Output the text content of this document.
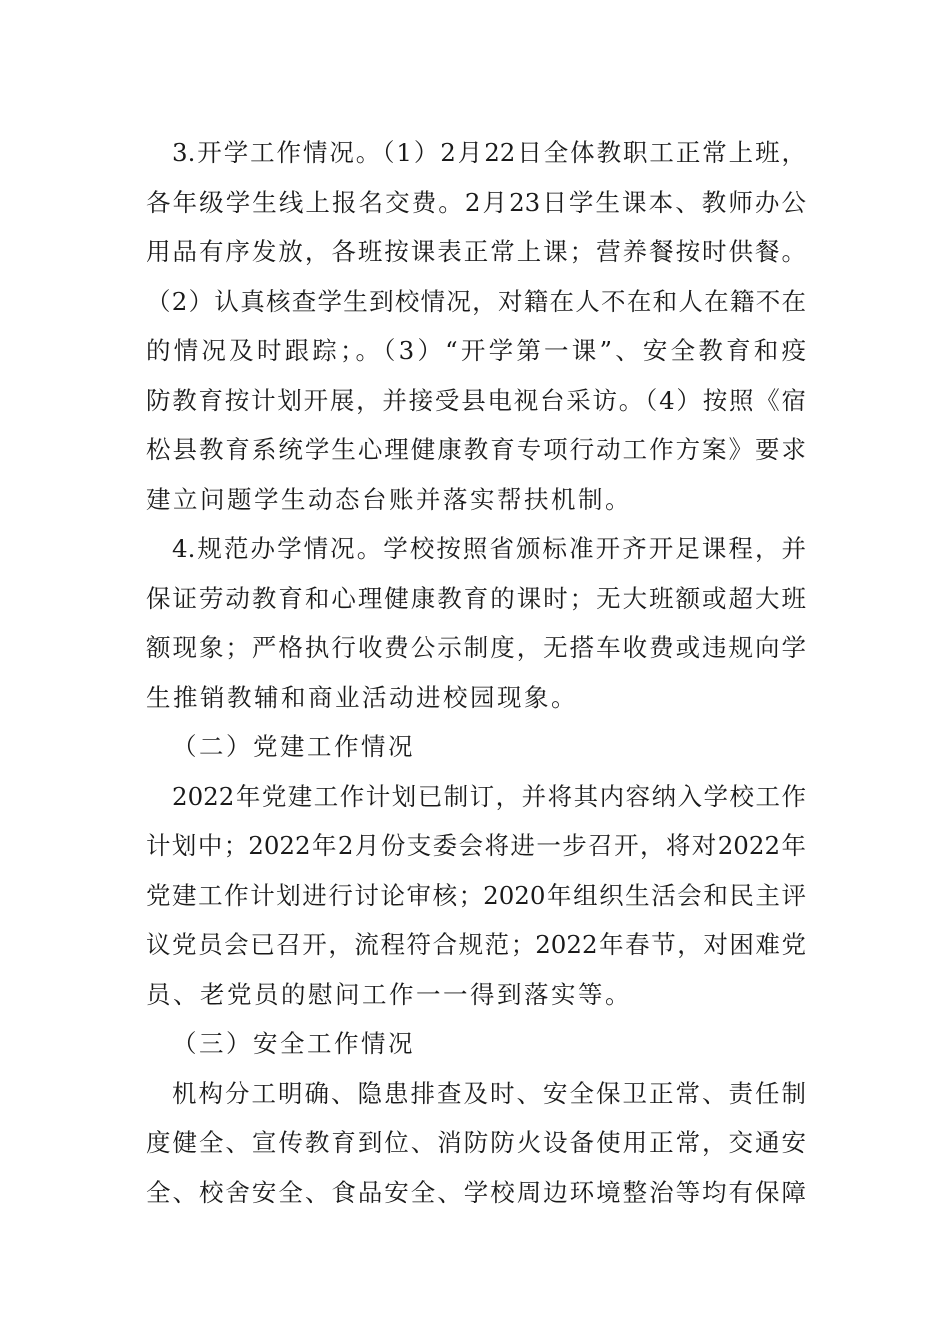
3.开学工作情况。（1）2月22日全体教职工正常上班，
各年级学生线上报名交费。2月23日学生课本、教师办公
用品有序发放，各班按课表正常上课；营养餐按时供餐。
（2）认真核查学生到校情况，对籍在人不在和人在籍不在
的情况及时跟踪；。（3）“开学第一课”、安全教育和疫
防教育按计划开展，并接受县电视台采访。（4）按照《宿
松县教育系统学生心理健康教育专项行动工作方案》要求
建立问题学生动态台账并落实帮扶机制。
4.规范办学情况。学校按照省颁标准开齐开足课程，并
保证劳动教育和心理健康教育的课时；无大班额或超大班
额现象；严格执行收费公示制度，无搭车收费或违规向学
生推销教辅和商业活动进校园现象。
（二）党建工作情况
2022年党建工作计划已制订，并将其内容纳入学校工作
计划中；2022年2月份支委会将进一步召开，将对2022年
党建工作计划进行讨论审核；2020年组织生活会和民主评
议党员会已召开，流程符合规范；2022年春节，对困难党
员、老党员的慰问工作一一得到落实等。
（三）安全工作情况
机构分工明确、隐患排查及时、安全保卫正常、责任制
度健全、宣传教育到位、消防防火设备使用正常，交通安
全、校舍安全、食品安全、学校周边环境整治等均有保障
